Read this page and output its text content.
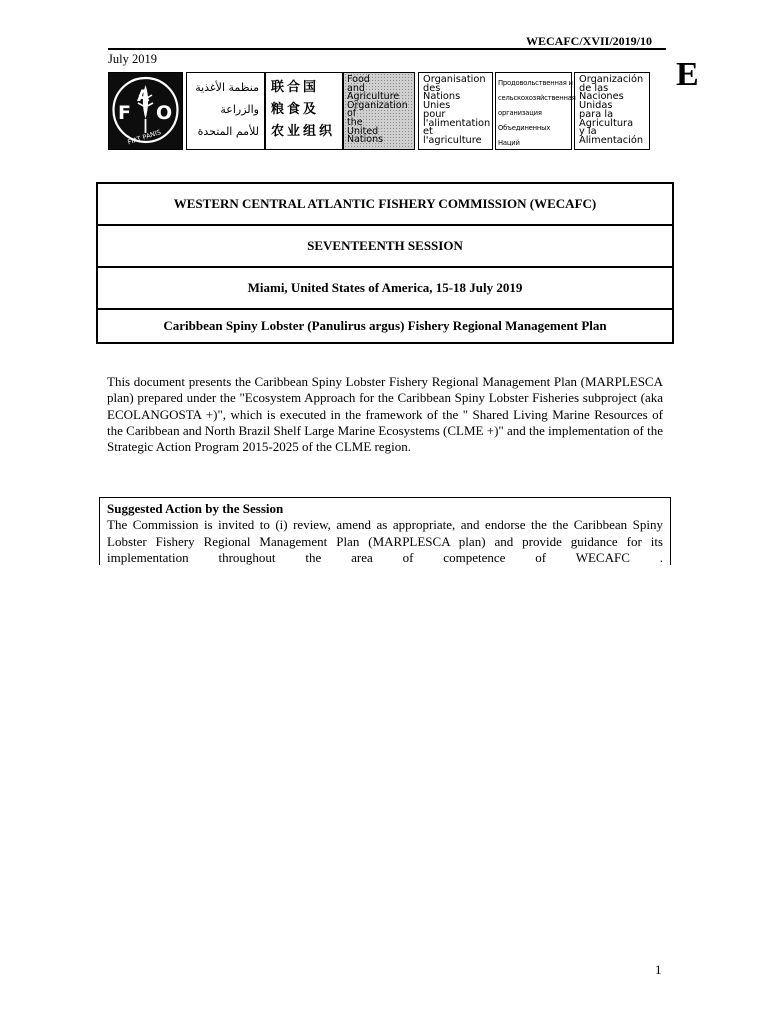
WECAFC/XVII/2019/10
July 2019	E
F
A
O
FIAT PANIS
منظمة الأغذية
والزراعة
للأمم المتحدة
联合国
粮食及
农业组织
Food
and
Agriculture
Organization
of
the
United
Nations
Organisation
des
Nations
Unies
pour
l'alimentation
et
l'agriculture
Продовольственная и
сельскохозяйственная
организация
Объединенных
Наций
Organización
de las
Naciones
Unidas
para la
Agricultura
y la
Alimentación
WESTERN CENTRAL ATLANTIC FISHERY COMMISSION (WECAFC)
SEVENTEENTH SESSION
Miami, United States of America, 15-18 July 2019
Caribbean Spiny Lobster (Panulirus argus) Fishery Regional Management Plan
This document presents the Caribbean Spiny Lobster Fishery Regional Management Plan (MARPLESCA plan) prepared under the "Ecosystem Approach for the Caribbean Spiny Lobster Fisheries subproject (aka ECOLANGOSTA +)", which is executed in the framework of the " Shared Living Marine Resources of the Caribbean and North Brazil Shelf Large Marine Ecosystems (CLME +)" and the implementation of the Strategic Action Program 2015-2025 of the CLME region.
Suggested Action by the Session
The Commission is invited to (i) review, amend as appropriate, and endorse the the Caribbean Spiny Lobster Fishery Regional Management Plan (MARPLESCA plan) and provide guidance for its implementation throughout the area of competence of WECAFC .
1
